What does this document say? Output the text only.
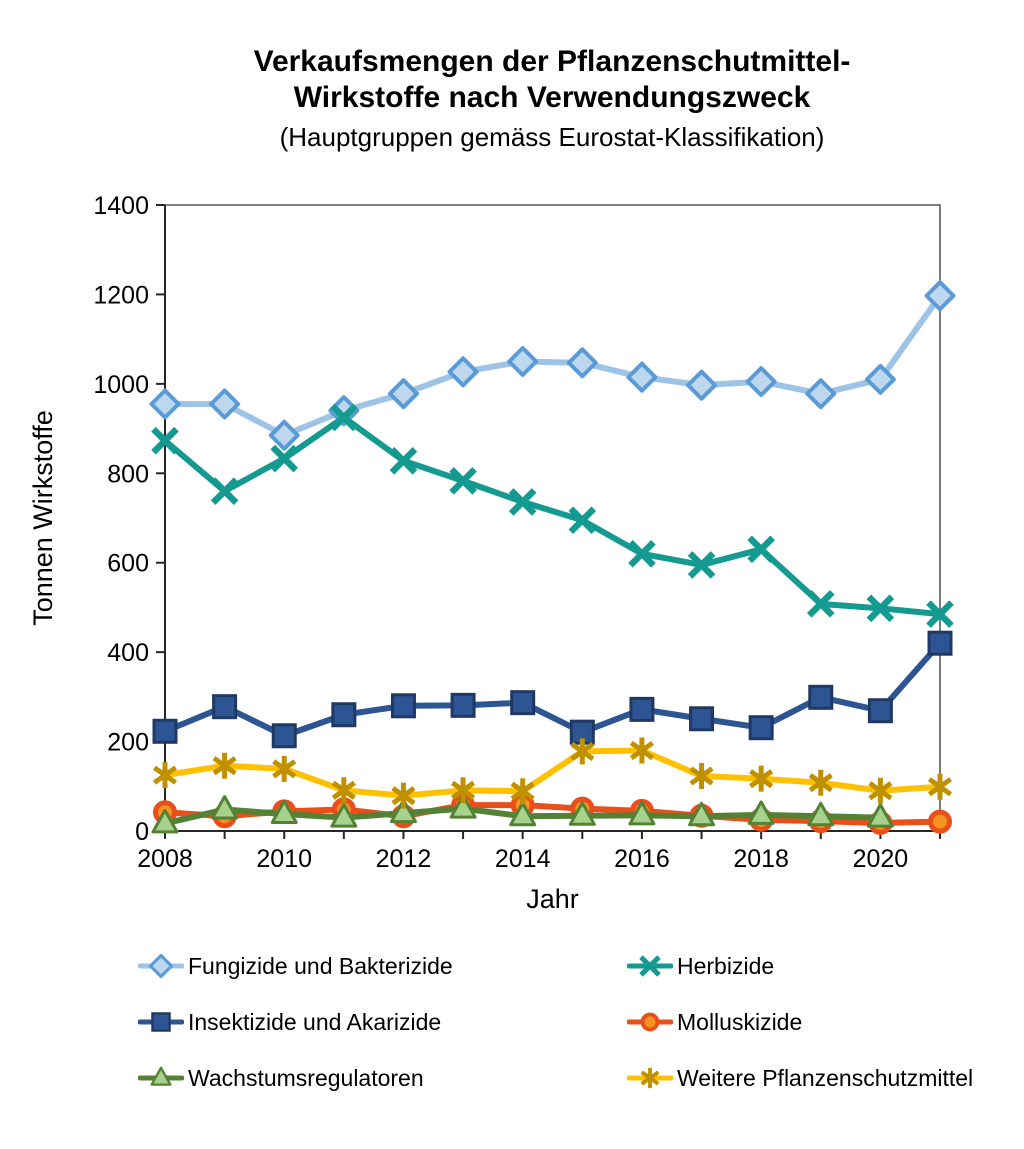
0
200
400
600
800
1000
1200
1400
2008	2010	2012	2014	2016	2018	2020
Tonnen Wirkstoffe
Jahr
Verkaufsmengen der Pflanzenschutmittel-
Wirkstoffe nach Verwendungszweck
(Hauptgruppen gemäss Eurostat-Klassifikation)
Fungizide und Bakterizide
Insektizide und Akarizide
Wachstumsregulatoren
Herbizide
Molluskizide
Weitere Pflanzenschutzmittel
